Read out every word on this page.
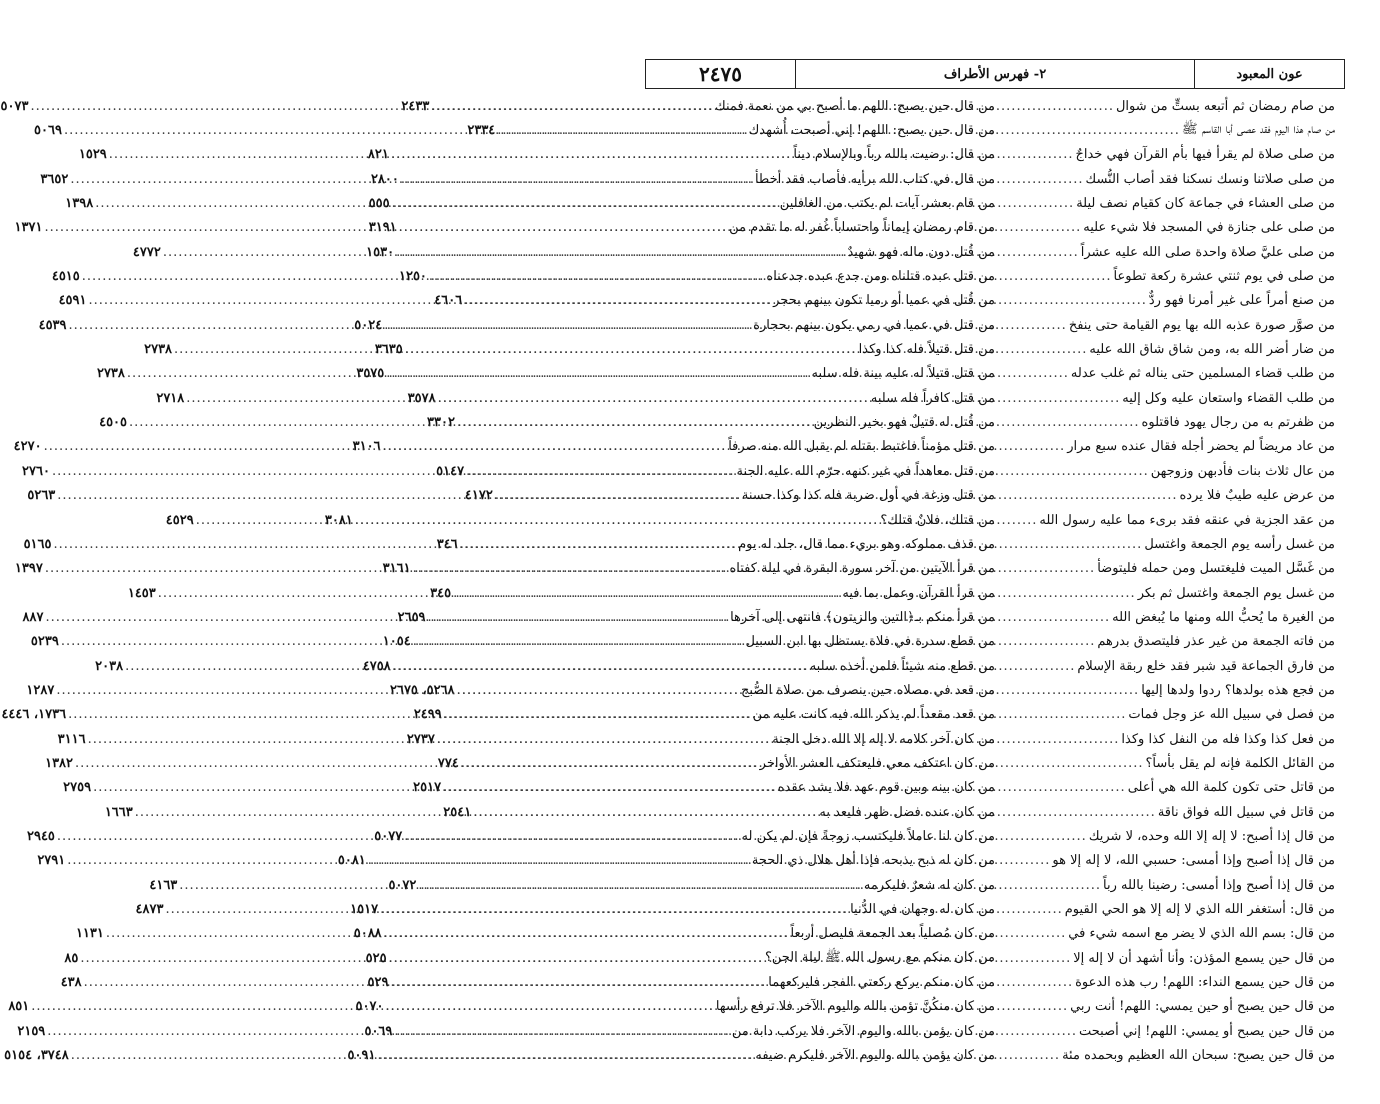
عون المعبود
٢- فهرس الأطراف
٢٤٧٥
من صام رمضان ثم أتبعه بستٍّ من شوال
.....
٢٤٣٣
من صام هذا اليوم فقد عصى أبا القاسم ﷺ
.....
٢٣٣٤
من صلى صلاة لم يقرأ فيها بأم القرآن فهي خداجٌ
.....
٨٢١
من صلى صلاتنا ونسك نسكنا فقد أصاب النُّسك
.....
٢٨٠٠
من صلى العشاء في جماعة كان كقيام نصف ليلة
.....
٥٥٥
من صلى على جنازة في المسجد فلا شيء عليه
.....
٣١٩١
من صلى عليَّ صلاة واحدة صلى الله عليه عشراً
.....
١٥٣٠
من صلى في يوم ثنتي عشرة ركعة تطوعاً
.....
١٢٥٠
من صنع أمراً على غير أمرنا فهو ردٌّ
.....
٤٦٠٦
من صوَّر صورة عذبه الله بها يوم القيامة حتى ينفخ
.....
٥٠٢٤
من ضار أضر الله به، ومن شاق شاق الله عليه
.....
٣٦٣٥
من طلب قضاء المسلمين حتى يناله ثم غلب عدله
.....
٣٥٧٥
من طلب القضاء واستعان عليه وكل إليه
.....
٣٥٧٨
من ظفرتم به من رجال يهود فاقتلوه
.....
٣٣٠٢
من عاد مريضاً لم يحضر أجله فقال عنده سبع مرار
.....
٣١٠٦
من عال ثلاث بنات فأدبهن وزوجهن
.....
٥١٤٧
من عرض عليه طيبٌ فلا يرده
.....
٤١٧٢
من عقد الجزية في عنقه فقد برىء مما عليه رسول الله
.....
٣٠٨١
من غسل رأسه يوم الجمعة واغتسل
.....
٣٤٦
من غَسَّل الميت فليغتسل ومن حمله فليتوضأ
.....
٣١٦١
من غسل يوم الجمعة واغتسل ثم بكر
.....
٣٤٥
من الغيرة ما يُحبُّ الله ومنها ما يُبغض الله
.....
٢٦٥٩
من فاته الجمعة من غير عذر فليتصدق بدرهم
.....
١٠٥٤
من فارق الجماعة قيد شبر فقد خلع ربقة الإسلام
.....
٤٧٥٨
من فجع هذه بولدها؟ ردوا ولدها إليها
.....
٥٢٦٨، ٢٦٧٥
من فصل في سبيل الله عز وجل فمات
.....
٢٤٩٩
من فعل كذا وكذا فله من النفل كذا وكذا
.....
٢٧٣٧
من القائل الكلمة فإنه لم يقل بأساً؟
.....
٧٧٤
من قاتل حتى تكون كلمة الله هي أعلى
.....
٢٥١٧
من قاتل في سبيل الله فواق ناقة
.....
٢٥٤١
من قال إذا أصبح: لا إله إلا الله وحده، لا شريك
.....
٥٠٧٧
من قال إذا أصبح وإذا أمسى: حسبي الله، لا إله إلا هو
.....
٥٠٨١
من قال إذا أصبح وإذا أمسى: رضينا بالله رباً
.....
٥٠٧٢
من قال: أستغفر الله الذي لا إله إلا هو الحي القيوم
.....
١٥١٧
من قال: بسم الله الذي لا يضر مع اسمه شيء في
.....
٥٠٨٨
من قال حين يسمع المؤذن: وأنا أشهد أن لا إله إلا
.....
٥٢٥
من قال حين يسمع النداء: اللهم! رب هذه الدعوة
.....
٥٢٩
من قال حين يصبح أو حين يمسي: اللهم! أنت ربي
.....
٥٠٧٠
من قال حين يصبح أو يمسي: اللهم! إني أصبحت
.....
٥٠٦٩
من قال حين يصبح: سبحان الله العظيم وبحمده مئة
.....
٥٠٩١
من قال حين يصبح: اللهم ما أصبح بي من نعمة فمنك
.....
٥٠٧٣
من قال حين يصبح: اللهم! إني أصبحت أُشهدك
.....
٥٠٦٩
من قال: رضيت بالله رباً وبالإسلام ديناً
.....
١٥٢٩
من قال في كتاب الله برأيه فأصاب فقد أخطأ
.....
٣٦٥٢
من قام بعشر آيات لم يكتب من الغافلين
.....
١٣٩٨
من قام رمضان إيماناً واحتساباً غُفر له ما تقدم من
.....
١٣٧١
من قُتل دون ماله فهو شهيدٌ
.....
٤٧٧٢
من قتل عبده قتلناه ومن جدع عبده جدعناه
.....
٤٥١٥
من قُتل في عميا أو رميا تكون بينهم بحجر
.....
٤٥٩١
من قتل في عميا في رمي يكون بينهم بحجارة
.....
٤٥٣٩
من قتل قتيلاً فله كذا وكذا
.....
٢٧٣٨
من قتل قتيلاً له عليه بينة فله سلبه
.....
٢٧٣٨
من قتل كافراً فله سلبه
.....
٢٧١٨
من قُتل له قتيلٌ فهو بخير النظرين
.....
٤٥٠٥
من قتل مؤمناً فاغتبط بقتله لم يقبل الله منه صرفاً
.....
٤٢٧٠
من قتل معاهداً في غير كنهه حرّم الله عليه الجنة
.....
٢٧٦٠
من قتل وزغة في أول ضربة فله كذا وكذا حسنة
.....
٥٢٦٣
من قتلك، فلانٌ قتلك؟
.....
٤٥٢٩
من قذف مملوكه وهو بريء مما قال، جلد له يوم
.....
٥١٦٥
من قرأ الآيتين من آخر سورة البقرة في ليلة كفتاه
.....
١٣٩٧
من قرأ القرآن وعمل بما فيه
.....
١٤٥٣
من قرأ منكم بـ﴿التين والزيتون﴾ فانتهى إلى آخرها
.....
٨٨٧
من قطع سدرة في فلاة يستظل بها ابن السبيل
.....
٥٢٣٩
من قطع منه شيئاً فلمن أخذه سلبه
.....
٢٠٣٨
من قعد في مصلاه حين ينصرف من صلاة الصُّبح
.....
١٢٨٧
من قعد مقعداً لم يذكر الله فيه كانت عليه من
.....
١٧٣٦، ٤٤٤٦
من كان آخر كلامه لا إله إلا الله دخل الجنة
.....
٣١١٦
من كان اعتكف معي فليعتكف العشر الأواخر
.....
١٣٨٢
من كان بينه وبين قوم عهد فلا يشد عقده
.....
٢٧٥٩
من كان عنده فضل ظهر فليعد به
.....
١٦٦٣
من كان لنا عاملاً فليكتسب زوجةً فإن لم يكن له
.....
٢٩٤٥
من كان له ذبح يذبحه فإذا أهل هلال ذي الحجة
.....
٢٧٩١
من كان له شعرٌ فليكرمه
.....
٤١٦٣
من كان له وجهان في الدُّنيا
.....
٤٨٧٣
من كان مُصلياً بعد الجمعة فليصل أربعاً
.....
١١٣١
من كان منكم مع رسول الله ﷺ ليلة الجن؟
.....
٨٥
من كان منكم يركع ركعتي الفجر فليركعهما
.....
٤٣٨
من كان منكُنَّ تؤمن بالله واليوم الآخر فلا ترفع رأسها
.....
٨٥١
من كان يؤمن بالله واليوم الآخر فلا يركب دابة من
.....
٢١٥٩
من كان يؤمن بالله واليوم الآخر فليكرم ضيفه
.....
٣٧٤٨، ٥١٥٤
